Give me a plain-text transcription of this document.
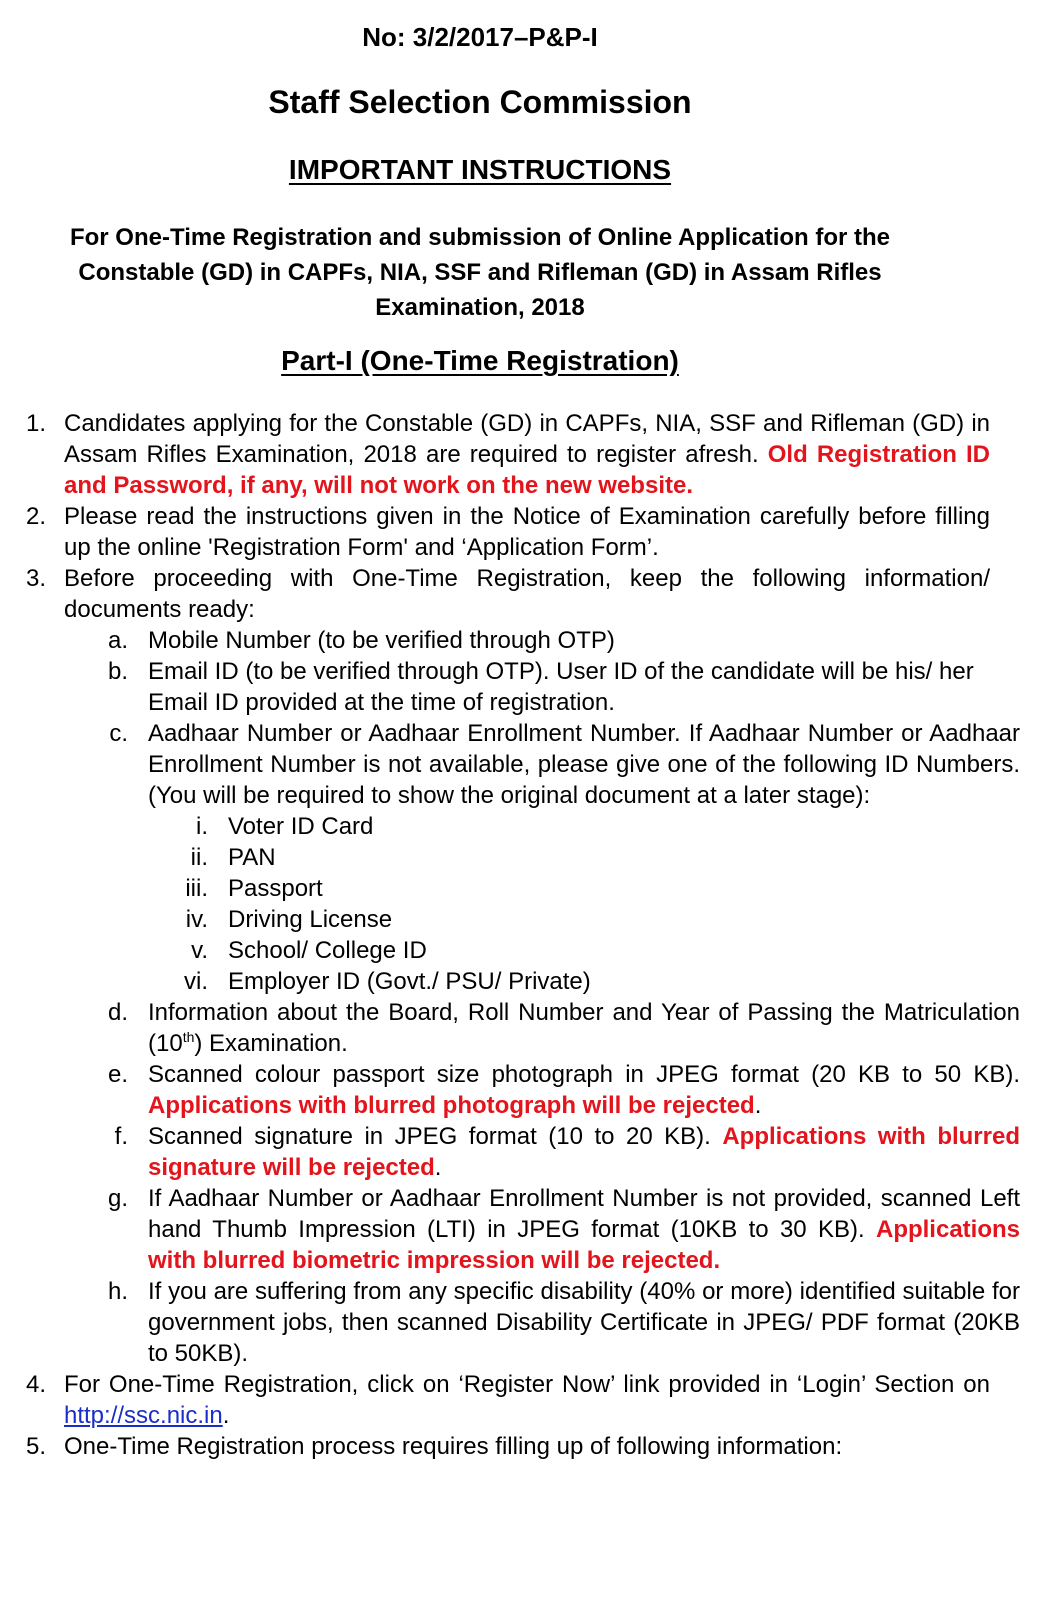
No: 3/2/2017–P&P-I
Staff Selection Commission
IMPORTANT INSTRUCTIONS
For One-Time Registration and submission of Online Application for the
Constable (GD) in CAPFs, NIA, SSF and Rifleman (GD) in Assam Rifles
Examination, 2018
Part-I (One-Time Registration)
1. Candidates applying for the Constable (GD) in CAPFs, NIA, SSF and Rifleman (GD) in Assam Rifles Examination, 2018 are required to register afresh. Old Registration ID and Password, if any, will not work on the new website.
2. Please read the instructions given in the Notice of Examination carefully before filling up the online 'Registration Form' and ‘Application Form’.
3. Before proceeding with One-Time Registration, keep the following information/ documents ready:
a. Mobile Number (to be verified through OTP)
b. Email ID (to be verified through OTP). User ID of the candidate will be his/ her Email ID provided at the time of registration.
c. Aadhaar Number or Aadhaar Enrollment Number. If Aadhaar Number or Aadhaar Enrollment Number is not available, please give one of the following ID Numbers. (You will be required to show the original document at a later stage):
i. Voter ID Card
ii. PAN
iii. Passport
iv. Driving License
v. School/ College ID
vi. Employer ID (Govt./ PSU/ Private)
d. Information about the Board, Roll Number and Year of Passing the Matriculation (10th) Examination.
e. Scanned colour passport size photograph in JPEG format (20 KB to 50 KB). Applications with blurred photograph will be rejected.
f. Scanned signature in JPEG format (10 to 20 KB). Applications with blurred signature will be rejected.
g. If Aadhaar Number or Aadhaar Enrollment Number is not provided, scanned Left hand Thumb Impression (LTI) in JPEG format (10KB to 30 KB). Applications with blurred biometric impression will be rejected.
h. If you are suffering from any specific disability (40% or more) identified suitable for government jobs, then scanned Disability Certificate in JPEG/ PDF format (20KB to 50KB).
4. For One-Time Registration, click on ‘Register Now’ link provided in ‘Login’ Section on http://ssc.nic.in.
5. One-Time Registration process requires filling up of following information:
